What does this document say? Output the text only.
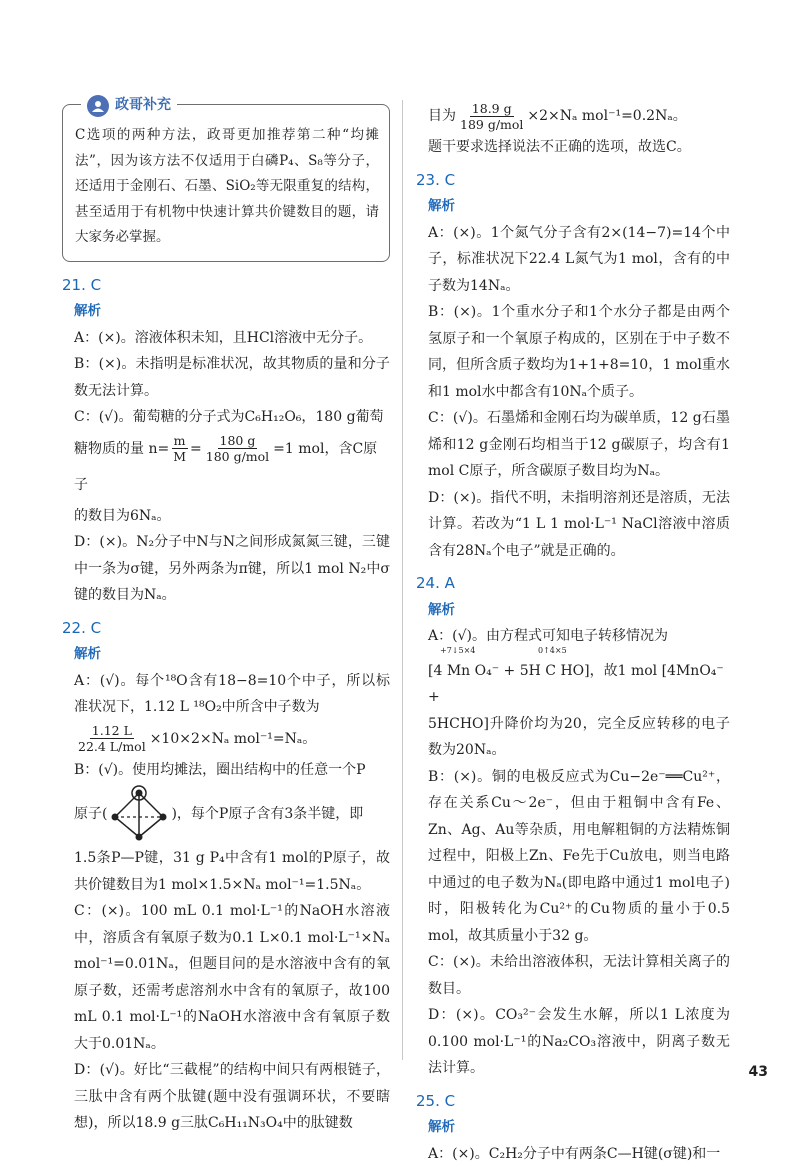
政哥补充
C选项的两种方法，政哥更加推荐第二种“均摊法”，因为该方法不仅适用于白磷P₄、S₈等分子，还适用于金刚石、石墨、SiO₂等无限重复的结构，甚至适用于有机物中快速计算共价键数目的题，请大家务必掌握。
21. C
解析
A：(×)。溶液体积未知，且HCl溶液中无分子。
B：(×)。未指明是标准状况，故其物质的量和分子数无法计算。
C：(√)。葡萄糖的分子式为C₆H₁₂O₆，180 g葡萄
糖物质的量 $n= \frac{m}{M} = \frac{180 g}{\text{180 g/mol}} =1$ mol，含C原子
的数目为6Nₐ。
D：(×)。N₂分子中N与N之间形成氮氮三键，三键中一条为σ键，另外两条为π键，所以1 mol N₂中σ键的数目为Nₐ。
22. C
解析
A：(√)。每个¹⁸O含有18−8=10个中子，所以标准状况下，1.12 L ¹⁸O₂中所含中子数为
$\frac{1.12 L}{\text{22.4 L/mol}} \times 10\times 2\times N_a$ mol⁻¹=Nₐ。
B：(√)。使用均摊法，圈出结构中的任意一个P
原子(	)，每个P原子含有3条半键，即
1.5条P—P键，31 g P₄中含有1 mol的P原子，故共价键数目为1 mol×1.5×Nₐ mol⁻¹=1.5Nₐ。
C：(×)。100 mL 0.1 mol·L⁻¹的NaOH水溶液中，溶质含有氧原子数为0.1 L×0.1 mol·L⁻¹×Nₐ mol⁻¹=0.01Nₐ，但题目问的是水溶液中含有的氧原子数，还需考虑溶剂水中含有的氧原子，故100 mL 0.1 mol·L⁻¹的NaOH水溶液中含有氧原子数大于0.01Nₐ。
D：(√)。好比“三截棍”的结构中间只有两根链子，三肽中含有两个肽键(题中没有强调环状，不要瞎想)，所以18.9 g三肽C₆H₁₁N₃O₄中的肽键数
目为 $\frac{18.9 g}{\text{189 g/mol}} \times 2\times N_a$ mol⁻¹=0.2Nₐ。
题干要求选择说法不正确的选项，故选C。
23. C
解析
A：(×)。1个氮气分子含有2×(14−7)=14个中子，标准状况下22.4 L氮气为1 mol，含有的中子数为14Nₐ。
B：(×)。1个重水分子和1个水分子都是由两个氢原子和一个氧原子构成的，区别在于中子数不同，但所含质子数均为1+1+8=10，1 mol重水和1 mol水中都含有10Nₐ个质子。
C：(√)。石墨烯和金刚石均为碳单质，12 g石墨烯和12 g金刚石均相当于12 g碳原子，均含有1 mol C原子，所含碳原子数目均为Nₐ。
D：(×)。指代不明，未指明溶剂还是溶质，无法计算。若改为“1 L 1 mol·L⁻¹ NaCl溶液中溶质含有28Nₐ个电子”就是正确的。
24. A
解析
A：(√)。由方程式可知电子转移情况为
+7↓5×4	0↑4×5
[4 Mn O₄⁻ + 5H C HO]，故1 mol [4MnO₄⁻ +
5HCHO]升降价均为20，完全反应转移的电子数为20Nₐ。
B：(×)。铜的电极反应式为Cu−2e⁻══Cu²⁺，存在关系Cu～2e⁻，但由于粗铜中含有Fe、Zn、Ag、Au等杂质，用电解粗铜的方法精炼铜过程中，阳极上Zn、Fe先于Cu放电，则当电路中通过的电子数为Nₐ(即电路中通过1 mol电子)时，阳极转化为Cu²⁺的Cu物质的量小于0.5 mol，故其质量小于32 g。
C：(×)。未给出溶液体积，无法计算相关离子的数目。
D：(×)。CO₃²⁻会发生水解，所以1 L浓度为0.100 mol·L⁻¹的Na₂CO₃溶液中，阴离子数无法计算。
25. C
解析
A：(×)。C₂H₂分子中有两条C—H键(σ键)和一
43
